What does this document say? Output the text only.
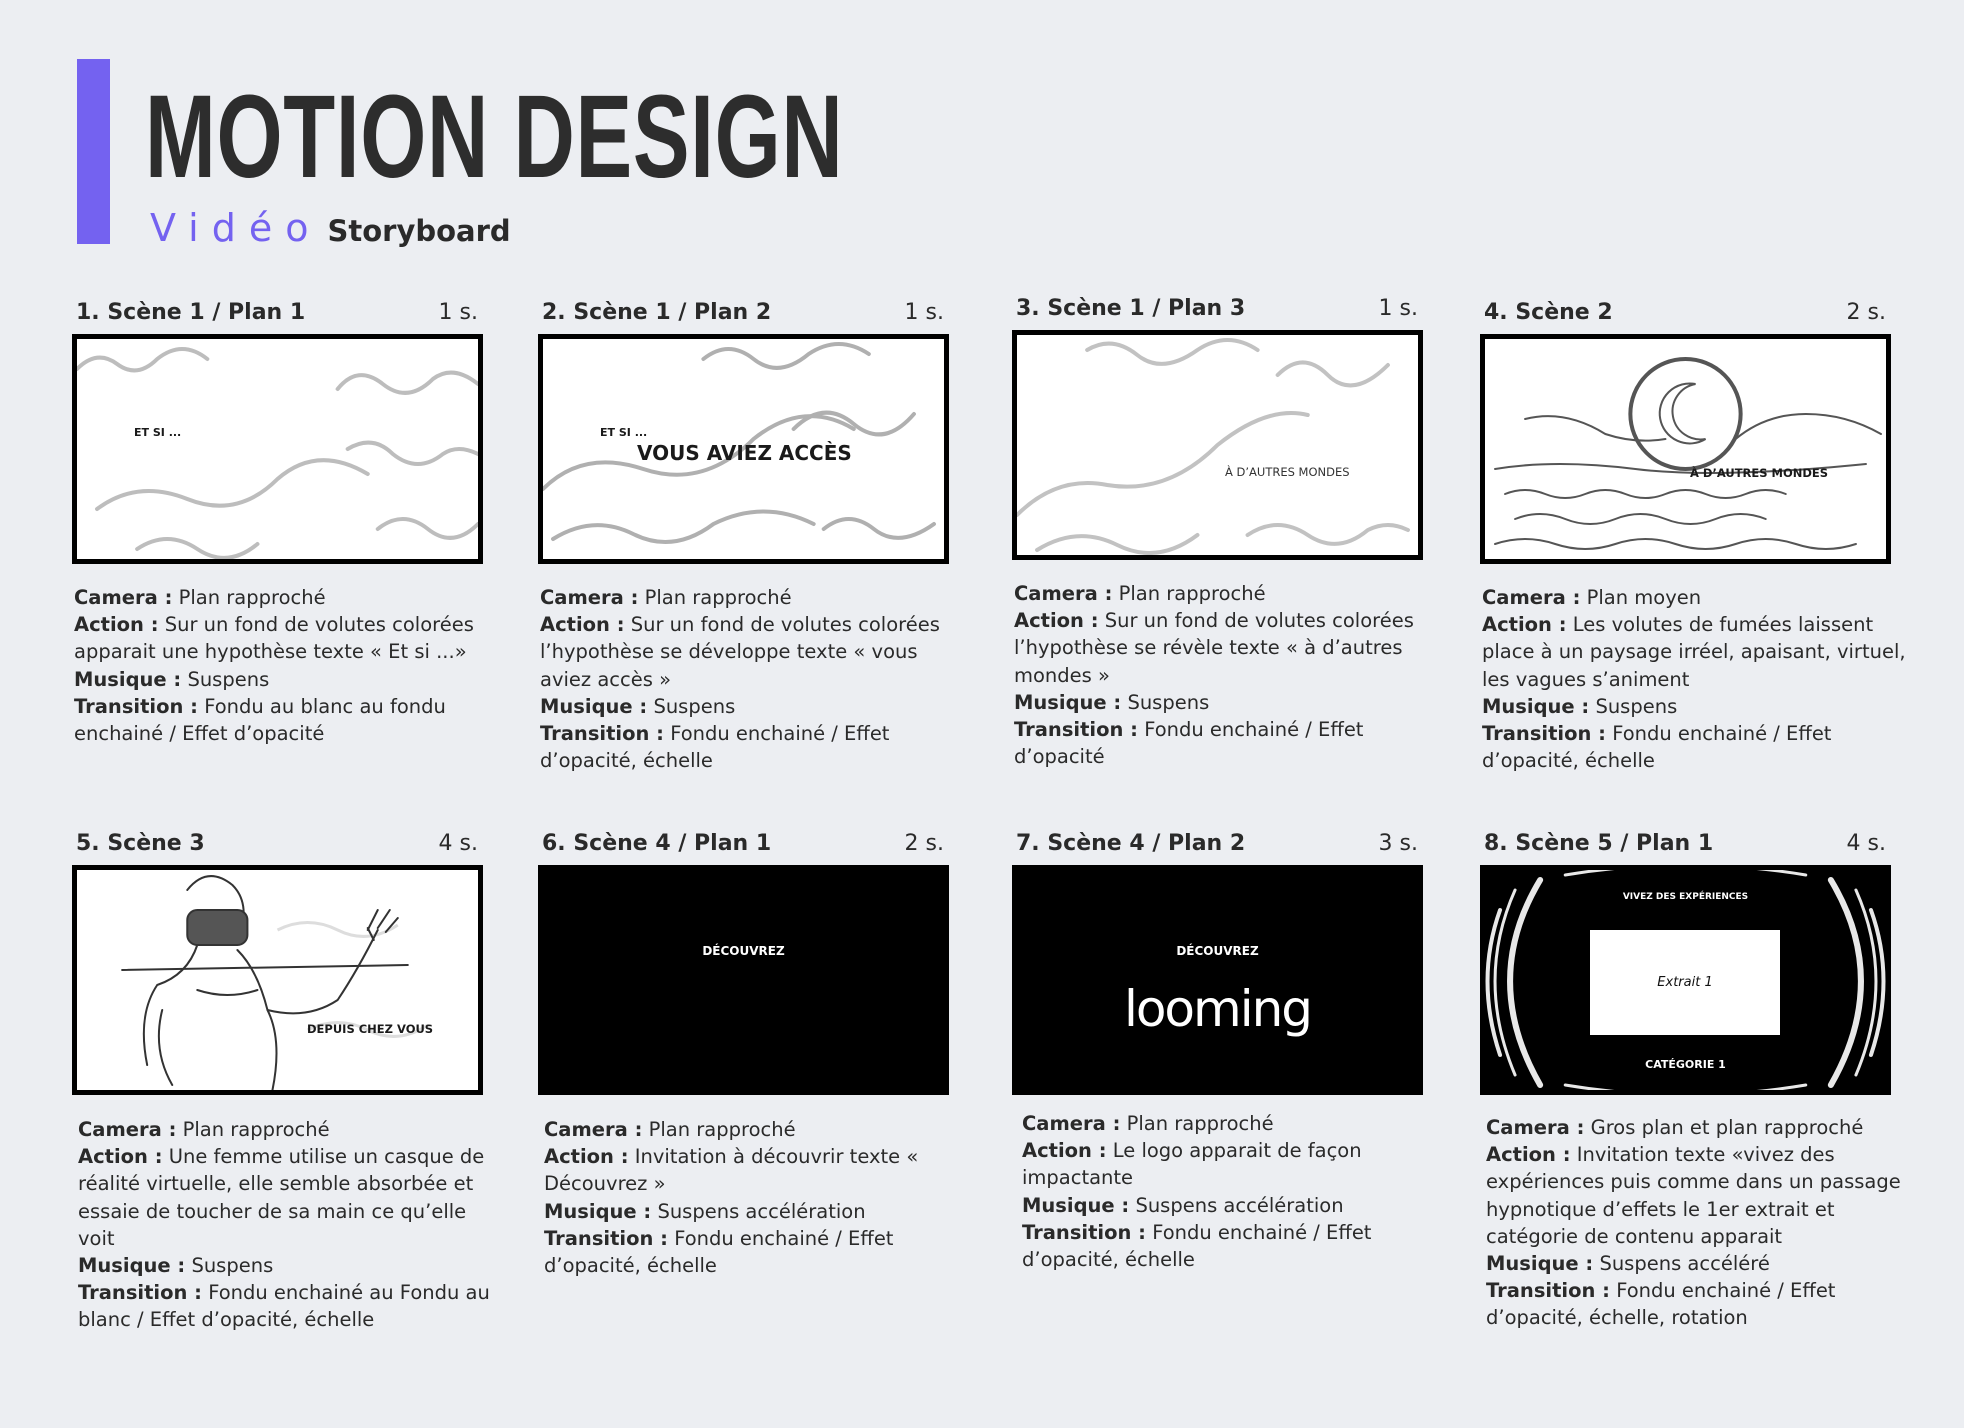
MOTION DESIGN
Vidéo Storyboard
1. Scène 1 / Plan 1	1 s.
ET SI ...

Camera : Plan rapproché

Action : Sur un fond de volutes colorées apparait une hypothèse texte « Et si ...»

Musique : Suspens

Transition : Fondu au blanc au fondu enchainé / Effet d’opacité

2. Scène 1 / Plan 2	1 s.
ET SI ...
VOUS AVIEZ ACCÈS

Camera : Plan rapproché

Action : Sur un fond de volutes colorées l’hypothèse se développe texte « vous aviez accès »

Musique : Suspens

Transition : Fondu enchainé / Effet d’opacité, échelle

3. Scène 1 / Plan 3	1 s.
À D’AUTRES MONDES

Camera : Plan rapproché

Action : Sur un fond de volutes colorées l’hypothèse se révèle texte « à d’autres mondes »

Musique : Suspens

Transition : Fondu enchainé / Effet d’opacité

4. Scène 2	2 s.
À D’AUTRES MONDES

Camera : Plan moyen

Action : Les volutes de fumées laissent place à un paysage irréel, apaisant, virtuel, les vagues s’animent

Musique : Suspens

Transition : Fondu enchainé / Effet d’opacité, échelle

5. Scène 3	4 s.
DEPUIS CHEZ VOUS

Camera : Plan rapproché

Action : Une femme utilise un casque de réalité virtuelle, elle semble absorbée et essaie de toucher de sa main ce qu’elle voit

Musique : Suspens

Transition : Fondu enchainé au Fondu au blanc / Effet d’opacité, échelle

6. Scène 4 / Plan 1	2 s.
DÉCOUVREZ

Camera : Plan rapproché

Action : Invitation à découvrir texte « Découvrez »

Musique : Suspens accélération

Transition : Fondu enchainé / Effet d’opacité, échelle

7. Scène 4 / Plan 2	3 s.
DÉCOUVREZ
looming

Camera : Plan rapproché

Action : Le logo apparait de façon impactante

Musique : Suspens accélération

Transition : Fondu enchainé / Effet d’opacité, échelle

8. Scène 5 / Plan 1	4 s.
VIVEZ DES EXPÉRIENCES
Extrait 1
CATÉGORIE 1

Camera : Gros plan et plan rapproché

Action : Invitation texte «vivez des expériences puis comme dans un passage hypnotique d’effets le 1er extrait et catégorie de contenu apparait

Musique : Suspens accéléré

Transition : Fondu enchainé / Effet d’opacité, échelle, rotation
